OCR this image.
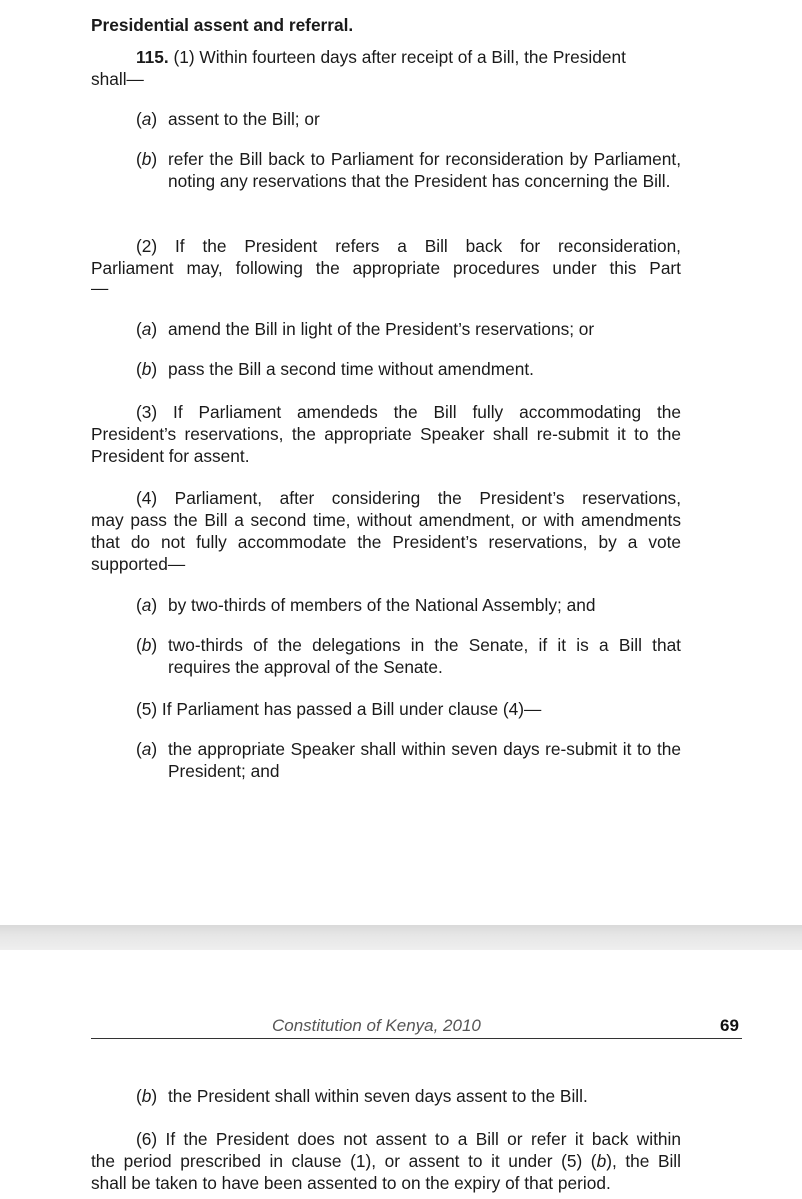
Presidential assent and referral.

115. (1) Within fourteen days after receipt of a Bill, the President

shall—

(a) assent to the Bill; or
(b) refer the Bill back to Parliament for reconsideration by Parliament, noting any reservations that the President has concerning the Bill.

(2) If the President refers a Bill back for reconsideration,

Parliament may, following the appropriate procedures under this Part

—

(a) amend the Bill in light of the President’s reservations; or
(b) pass the Bill a second time without amendment.

(3) If Parliament amendeds the Bill fully accommodating the

President’s reservations, the appropriate Speaker shall re-submit it to the President for assent.

(4) Parliament, after considering the President’s reservations,

may pass the Bill a second time, without amendment, or with amendments that do not fully accommodate the President’s reservations, by a vote supported—

(a) by two-thirds of members of the National Assembly; and
(b) two-thirds of the delegations in the Senate, if it is a Bill that requires the approval of the Senate.

(5) If Parliament has passed a Bill under clause (4)—

(a) the appropriate Speaker shall within seven days re-submit it to the President; and
Constitution of Kenya, 2010	69
(b) the President shall within seven days assent to the Bill.

(6) If the President does not assent to a Bill or refer it back within

the period prescribed in clause (1), or assent to it under (5) (b), the Bill

shall be taken to have been assented to on the expiry of that period.
